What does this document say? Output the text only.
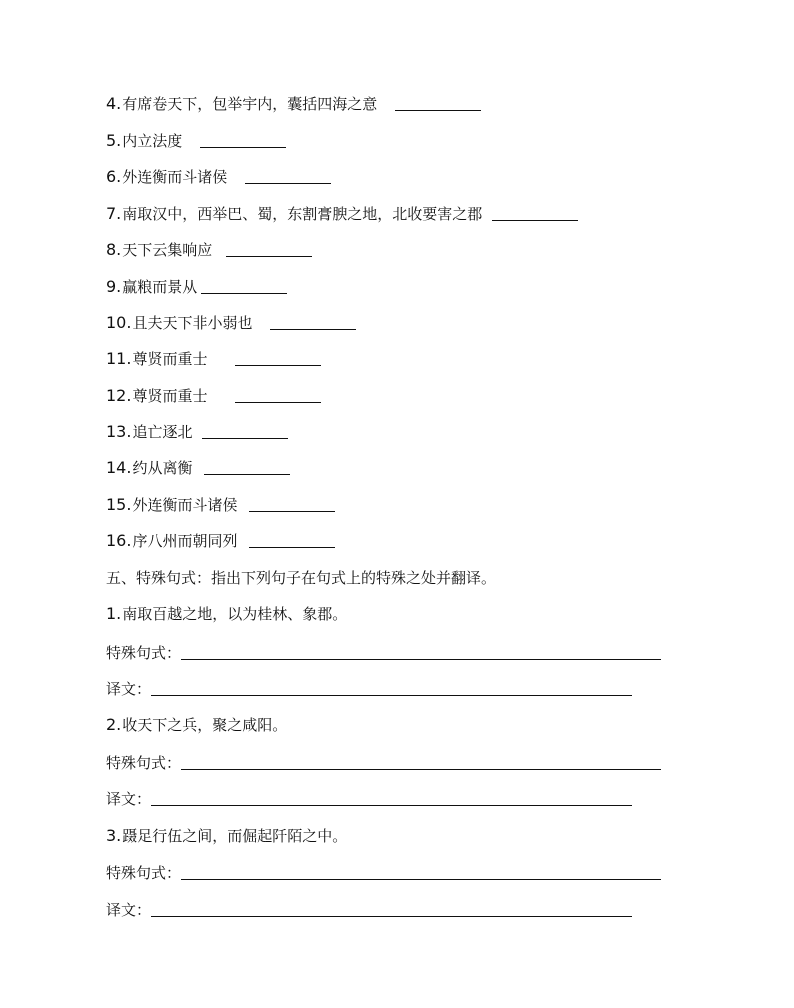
4. 有席卷天下，包举宇内，囊括四海之意
5. 内立法度
6. 外连衡而斗诸侯
7. 南取汉中，西举巴、蜀，东割膏腴之地，北收要害之郡
8. 天下云集响应
9. 赢粮而景从
10. 且夫天下非小弱也
11. 尊贤而重士
12. 尊贤而重士
13. 追亡逐北
14. 约从离衡
15. 外连衡而斗诸侯
16. 序八州而朝同列
五、特殊句式：指出下列句子在句式上的特殊之处并翻译。
1. 南取百越之地，以为桂林、象郡。
特殊句式：
译文：
2. 收天下之兵，聚之咸阳。
特殊句式：
译文：
3. 蹑足行伍之间，而倔起阡陌之中。
特殊句式：
译文：
